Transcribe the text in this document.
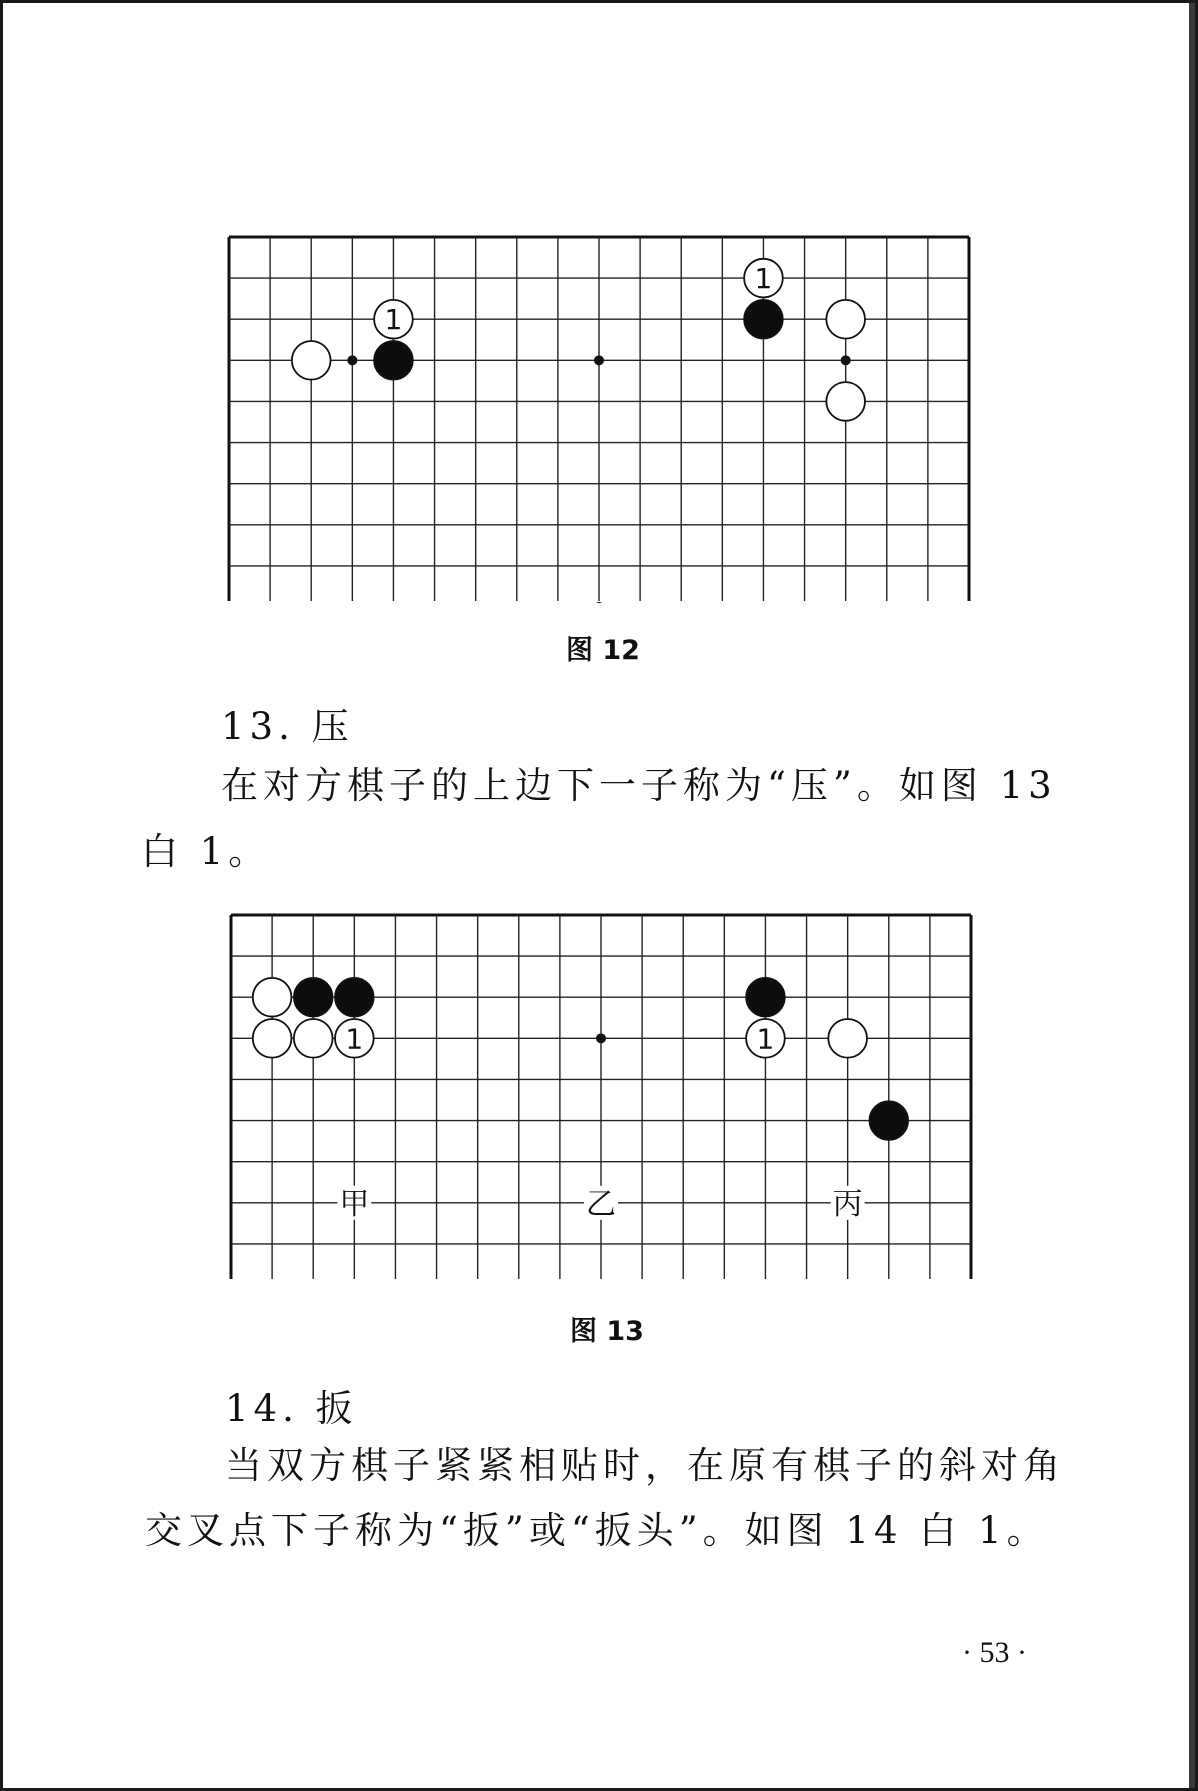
1
1
图 12
13. 压
在对方棋子的上边下一子称为“压”。如图 13
白 1。
甲	乙	丙
1	1
图 13
14. 扳
当双方棋子紧紧相贴时，在原有棋子的斜对角
交叉点下子称为“扳”或“扳头”。如图 14 白 1。
· 53 ·
